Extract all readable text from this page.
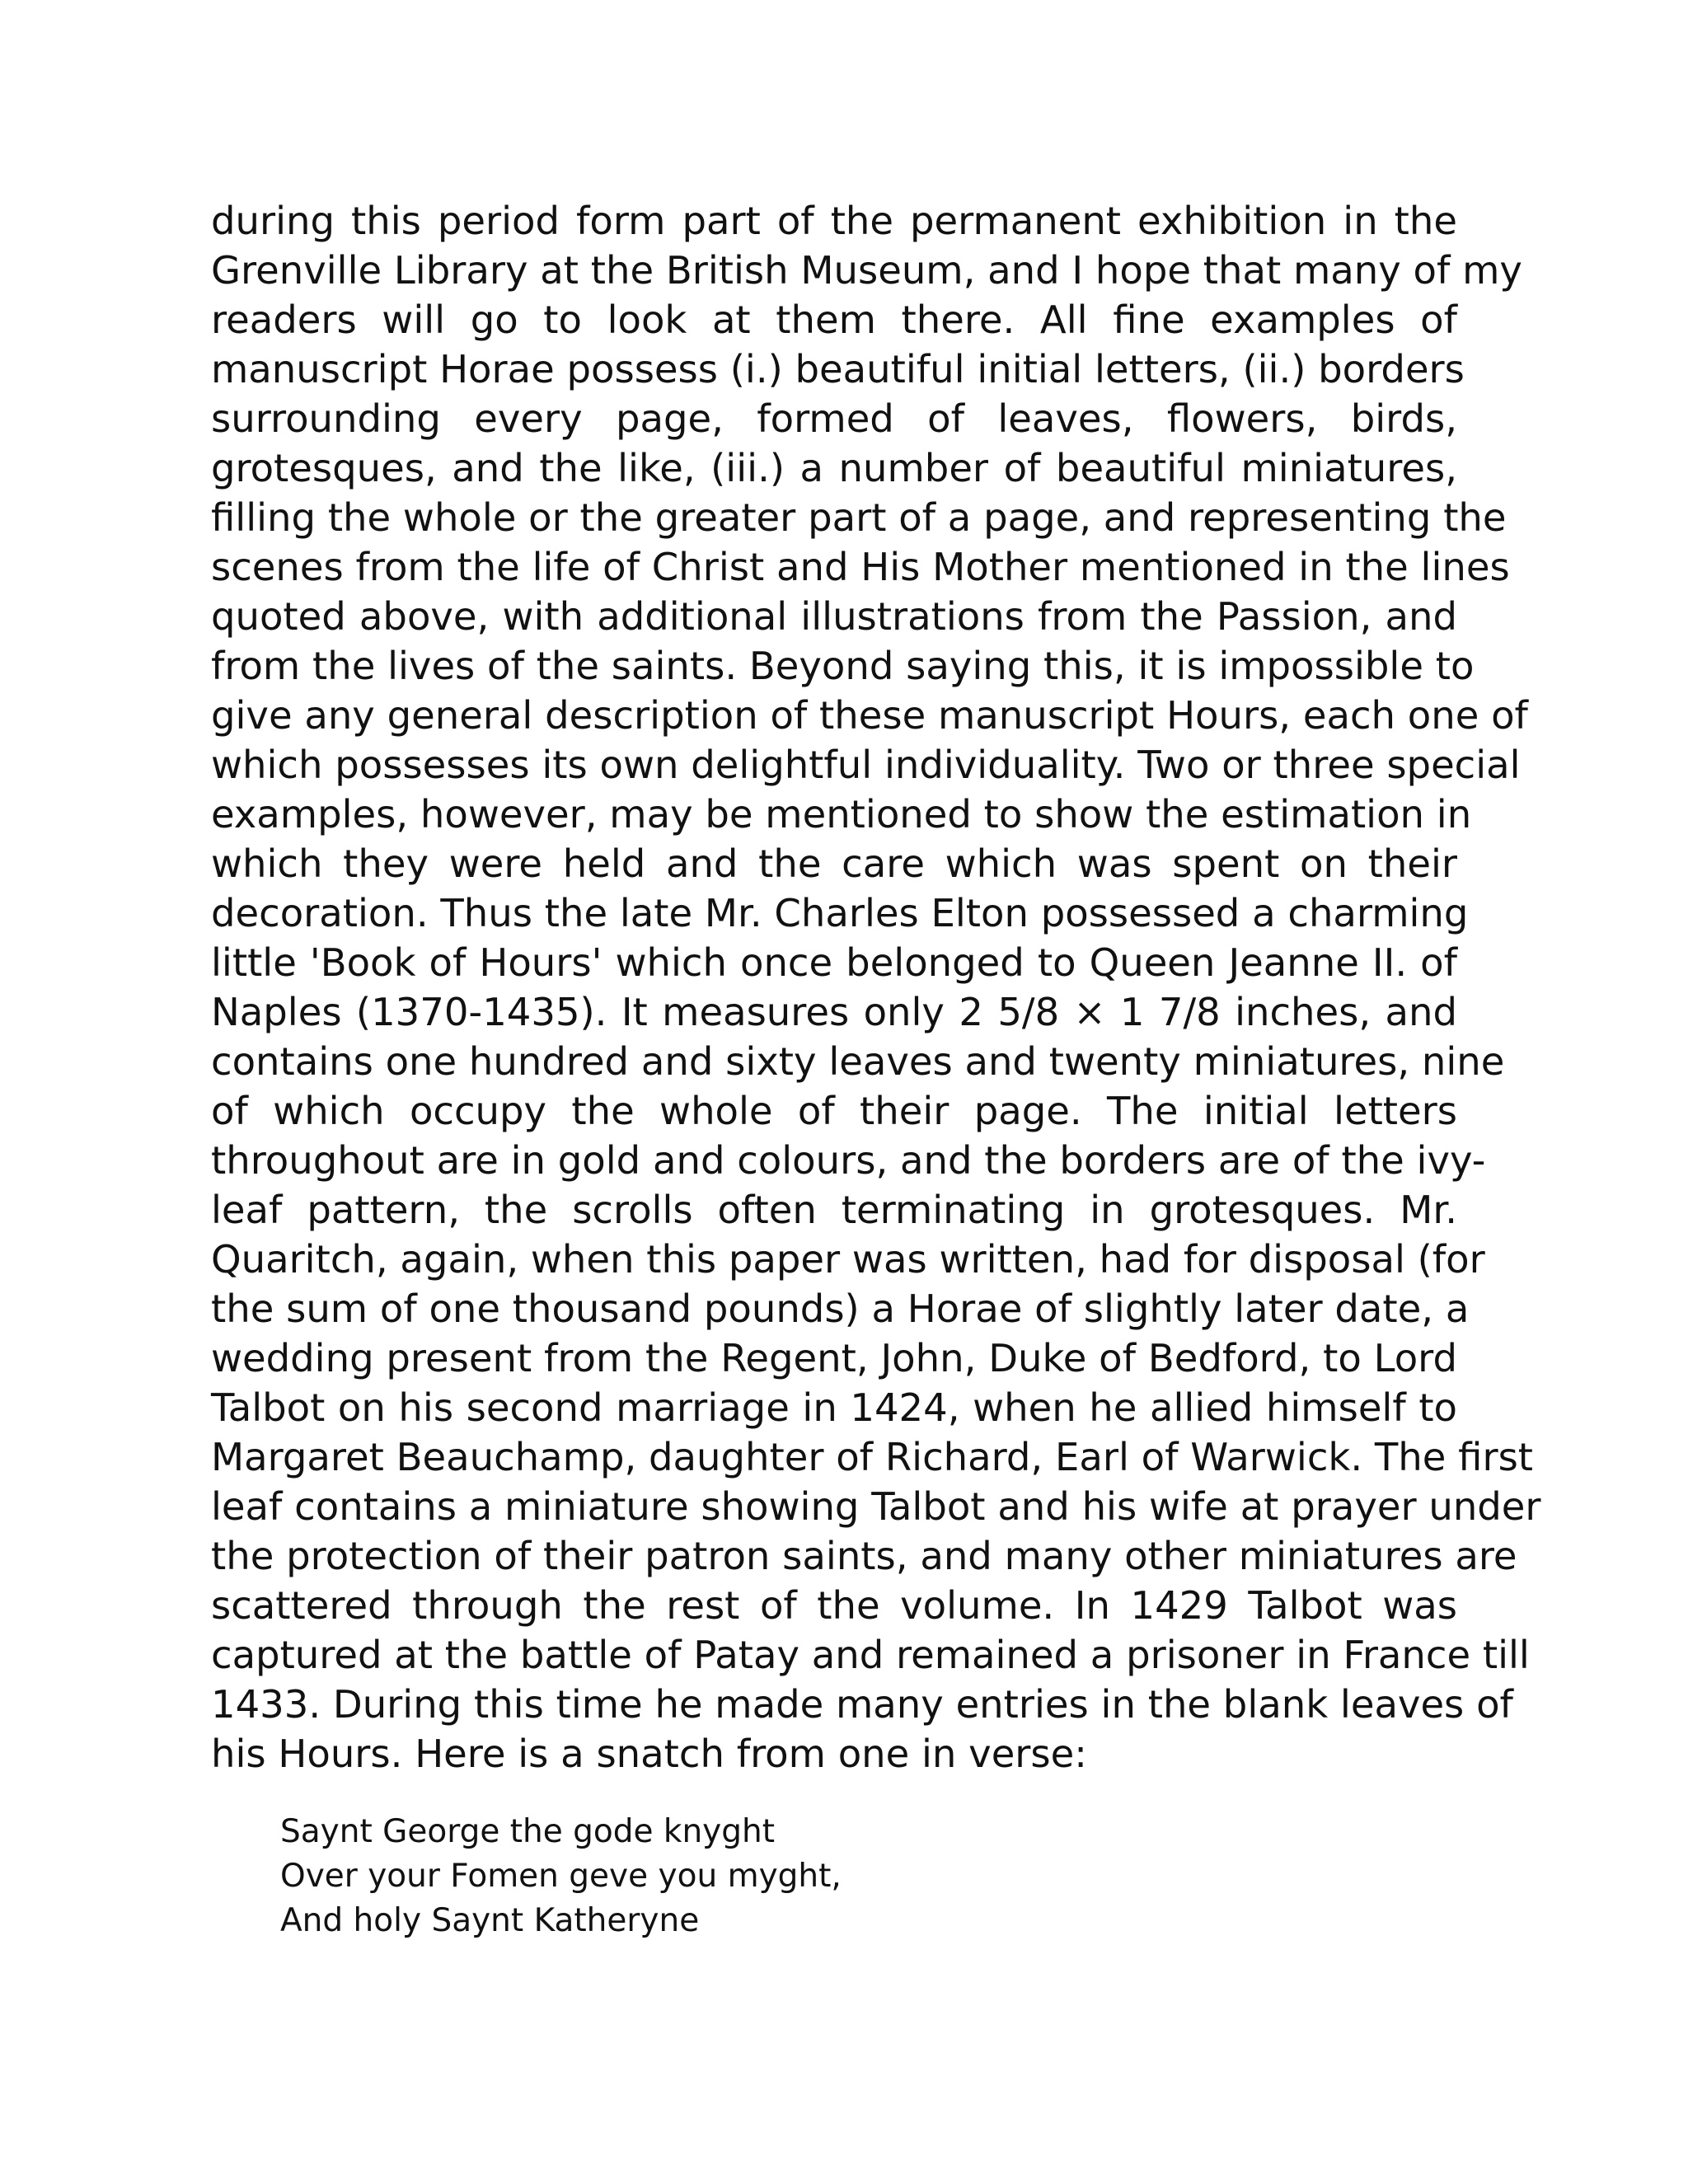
during this period form part of the permanent exhibition in the
Grenville Library at the British Museum, and I hope that many of my
readers will go to look at them there. All fine examples of
manuscript Horae possess (i.) beautiful initial letters, (ii.) borders
surrounding every page, formed of leaves, flowers, birds,
grotesques, and the like, (iii.) a number of beautiful miniatures,
filling the whole or the greater part of a page, and representing the
scenes from the life of Christ and His Mother mentioned in the lines
quoted above, with additional illustrations from the Passion, and
from the lives of the saints. Beyond saying this, it is impossible to
give any general description of these manuscript Hours, each one of
which possesses its own delightful individuality. Two or three special
examples, however, may be mentioned to show the estimation in
which they were held and the care which was spent on their
decoration. Thus the late Mr. Charles Elton possessed a charming
little 'Book of Hours' which once belonged to Queen Jeanne II. of
Naples (1370-1435). It measures only 2 5/8 × 1 7/8 inches, and
contains one hundred and sixty leaves and twenty miniatures, nine
of which occupy the whole of their page. The initial letters
throughout are in gold and colours, and the borders are of the ivy-
leaf pattern, the scrolls often terminating in grotesques. Mr.
Quaritch, again, when this paper was written, had for disposal (for
the sum of one thousand pounds) a Horae of slightly later date, a
wedding present from the Regent, John, Duke of Bedford, to Lord
Talbot on his second marriage in 1424, when he allied himself to
Margaret Beauchamp, daughter of Richard, Earl of Warwick. The first
leaf contains a miniature showing Talbot and his wife at prayer under
the protection of their patron saints, and many other miniatures are
scattered through the rest of the volume. In 1429 Talbot was
captured at the battle of Patay and remained a prisoner in France till
1433. During this time he made many entries in the blank leaves of
his Hours. Here is a snatch from one in verse:
Saynt George the gode knyght
Over your Fomen geve you myght,
And holy Saynt Katheryne
